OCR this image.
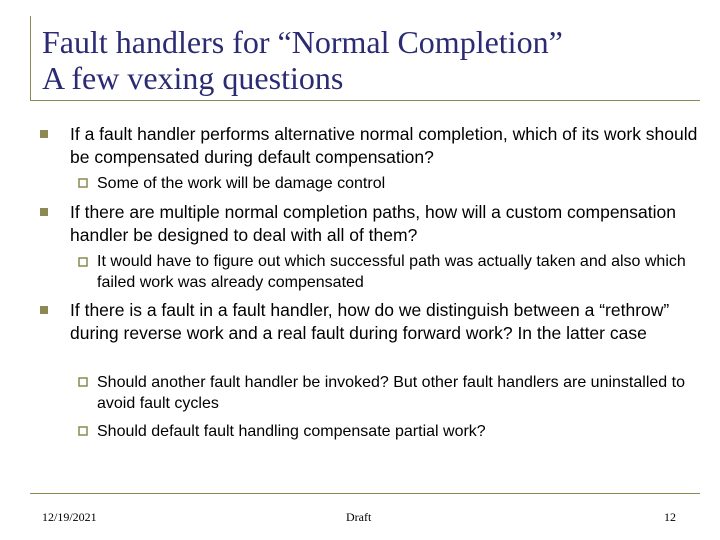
Fault handlers for “Normal Completion”
A few vexing questions
If a fault handler performs alternative normal completion, which of its work should be compensated during default compensation?
Some of the work will be damage control
If there are multiple normal completion paths, how will a custom compensation handler be designed to deal with all of them?
It would have to figure out which successful path was actually taken and also which failed work was already compensated
If there is a fault in a fault handler, how do we distinguish between a “rethrow” during reverse work and a real fault during forward work? In the latter case
Should another fault handler be invoked? But other fault handlers are uninstalled to avoid fault cycles
Should default fault handling compensate partial work?
12/19/2021	Draft	12
